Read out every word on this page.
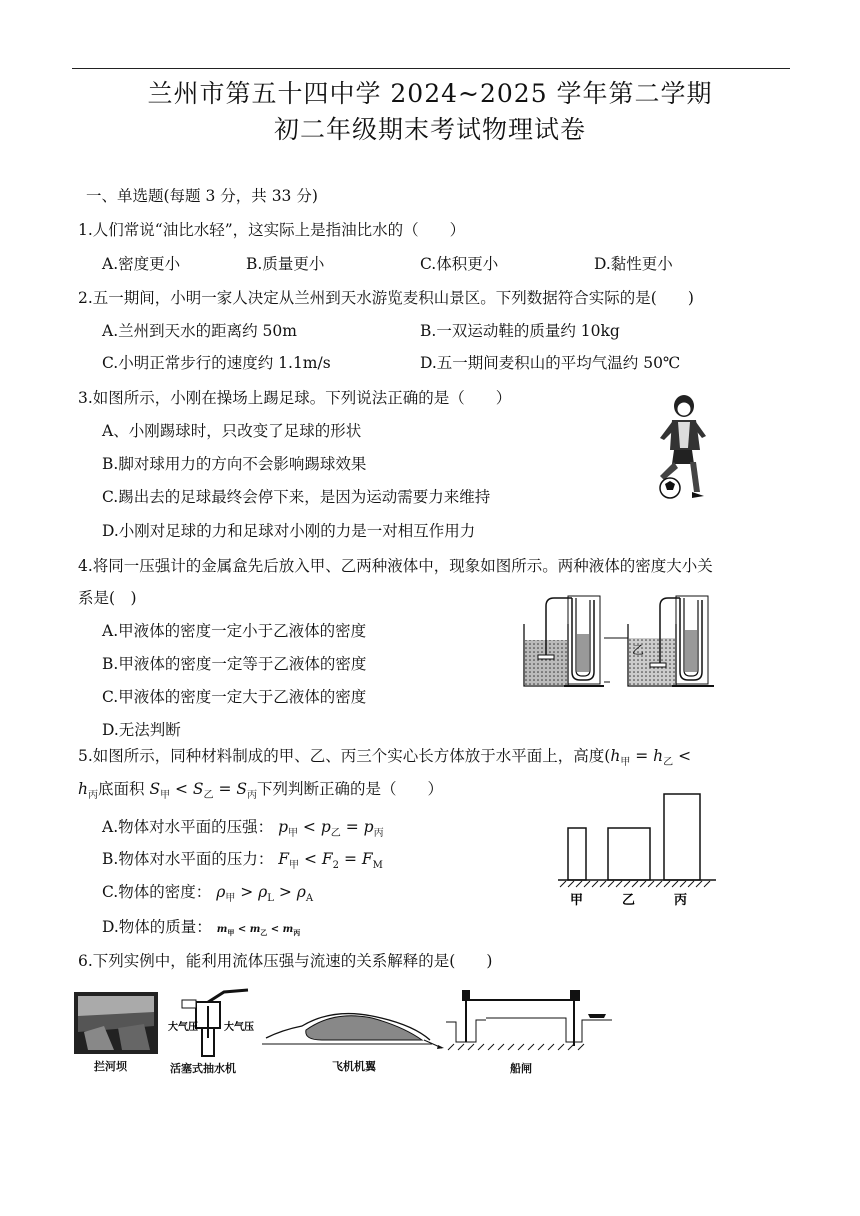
兰州市第五十四中学 2024~2025 学年第二学期
初二年级期末考试物理试卷
一、单选题(每题 3 分，共 33 分)
1.人们常说“油比水轻”，这实际上是指油比水的（　　）
A.密度更小	B.质量更小	C.体积更小	D.黏性更小
2.五一期间，小明一家人决定从兰州到天水游览麦积山景区。下列数据符合实际的是(　　)
A.兰州到天水的距离约 50m	B.一双运动鞋的质量约 10kg
C.小明正常步行的速度约 1.1m/s	D.五一期间麦积山的平均气温约 50℃
3.如图所示，小刚在操场上踢足球。下列说法正确的是（　　）
A、小刚踢球时，只改变了足球的形状
B.脚对球用力的方向不会影响踢球效果
C.踢出去的足球最终会停下来，是因为运动需要力来维持
D.小刚对足球的力和足球对小刚的力是一对相互作用力
4.将同一压强计的金属盒先后放入甲、乙两种液体中，现象如图所示。两种液体的密度大小关
系是(　)
A.甲液体的密度一定小于乙液体的密度
B.甲液体的密度一定等于乙液体的密度
C.甲液体的密度一定大于乙液体的密度
D.无法判断
乙
5.如图所示，同种材料制成的甲、乙、丙三个实心长方体放于水平面上，高度($h_甲 = h_乙$ <
$h_丙$底面积 $S_甲 < S_乙 = S_丙$下列判断正确的是（　　）
A.物体对水平面的压强： $p_甲 < p_乙 = p_丙$
B.物体对水平面的压力： $F_甲 < F_2 = F_M$
C.物体的密度： $\rho_甲 > \rho_L > \rho_A$
D.物体的质量： $m_甲 < m_乙 < m_丙$
甲	乙	丙
6.下列实例中，能利用流体压强与流速的关系解释的是(　　)
拦河坝
大气压	大气压
活塞式抽水机	飞机机翼	船闸
